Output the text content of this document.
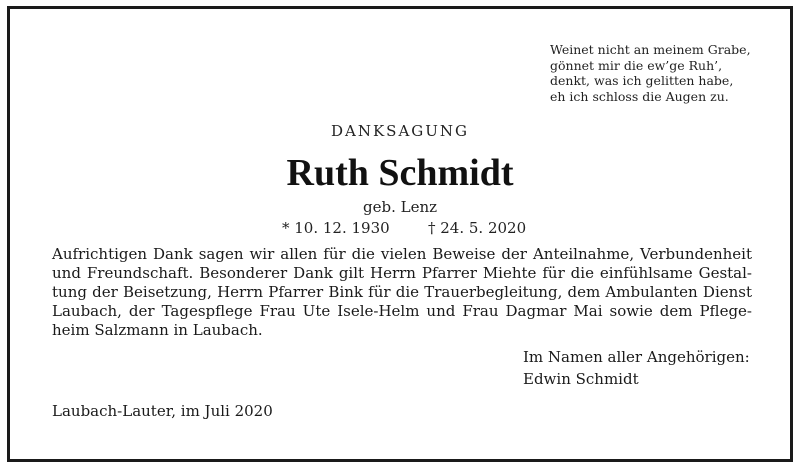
Weinet nicht an meinem Grabe,
gönnet mir die ew’ge Ruh’,
denkt, was ich gelitten habe,
eh ich schloss die Augen zu.
DANKSAGUNG
Ruth Schmidt
geb. Lenz
* 10. 12. 1930	† 24. 5. 2020
Aufrichtigen Dank sagen wir allen für die vielen Beweise der Anteilnahme, Verbundenheit
und Freundschaft. Besonderer Dank gilt Herrn Pfarrer Miehte für die einfühlsame Gestal-
tung der Beisetzung, Herrn Pfarrer Bink für die Trauerbegleitung, dem Ambulanten Dienst
Laubach, der Tagespflege Frau Ute Isele-Helm und Frau Dagmar Mai sowie dem Pflege-
heim Salzmann in Laubach.
Im Namen aller Angehörigen:
Edwin Schmidt
Laubach-Lauter, im Juli 2020
